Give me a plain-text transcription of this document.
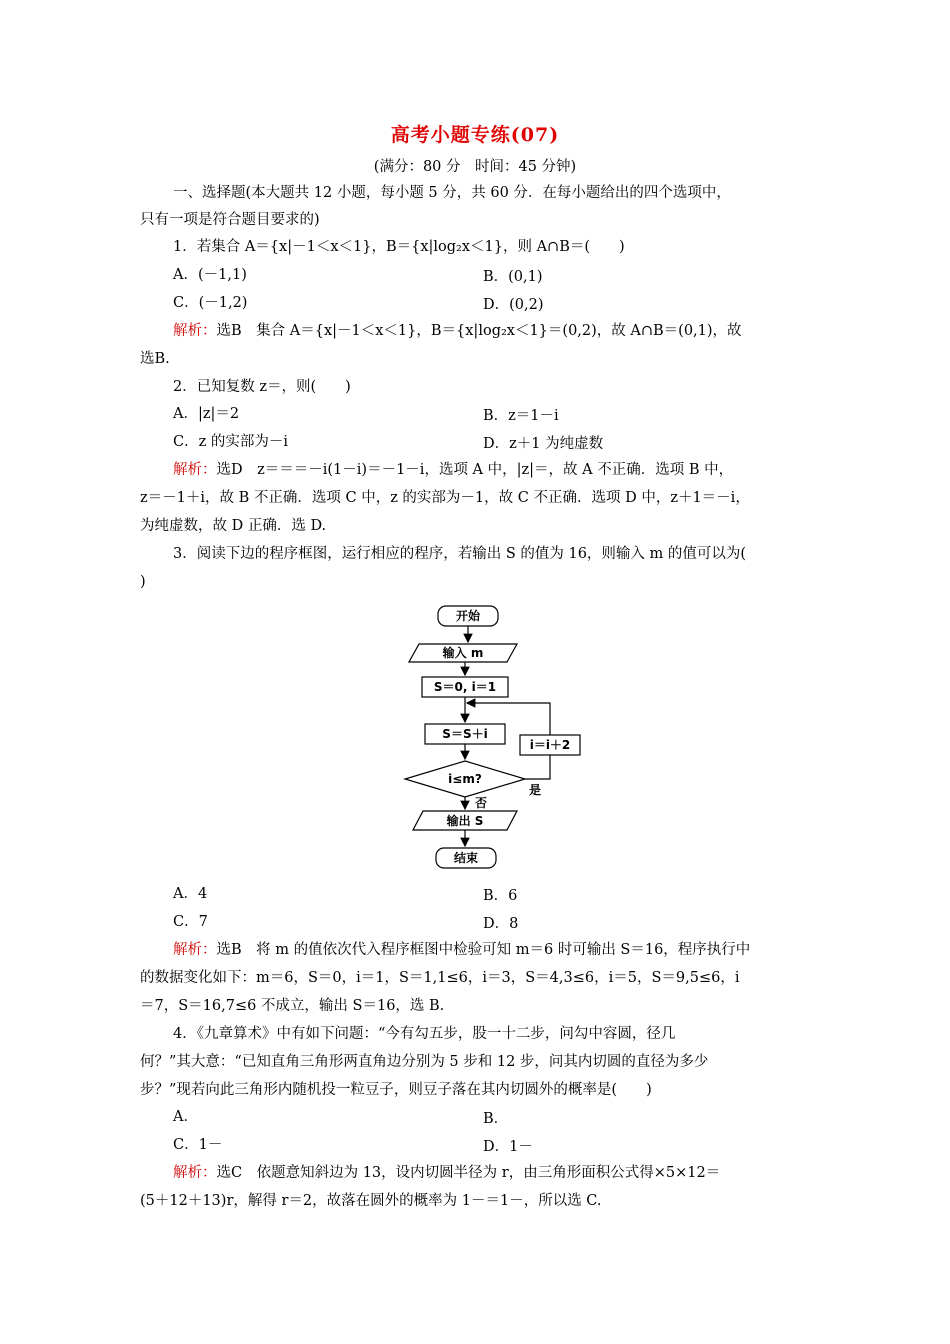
高考小题专练(07)
(满分：80 分　时间：45 分钟)
一、选择题(本大题共 12 小题，每小题 5 分，共 60 分．在每小题给出的四个选项中，
只有一项是符合题目要求的)
1．若集合 A＝{x|－1＜x＜1}，B＝{x|log₂x＜1}，则 A∩B＝(　　)
A．(－1,1)	B．(0,1)
C．(－1,2)	D．(0,2)
解析：选B　集合 A＝{x|－1＜x＜1}，B＝{x|log₂x＜1}＝(0,2)，故 A∩B＝(0,1)，故
选B.
2．已知复数 z＝，则(　　)
A．|z|＝2	B．z＝1－i
C．z 的实部为－i	D．z＋1 为纯虚数
解析：选D　z＝＝＝－i(1－i)＝－1－i，选项 A 中，|z|＝，故 A 不正确．选项 B 中，
z＝－1＋i，故 B 不正确．选项 C 中，z 的实部为－1，故 C 不正确．选项 D 中，z＋1＝－i，
为纯虚数，故 D 正确．选 D.
3．阅读下边的程序框图，运行相应的程序，若输出 S 的值为 16，则输入 m 的值可以为(
)
开始
输入 m
S＝0, i＝1
S＝S＋i
i＝i＋2
i≤m?
是
否
输出 S
结束
A．4	B．6
C．7	D．8
解析：选B　将 m 的值依次代入程序框图中检验可知 m＝6 时可输出 S＝16，程序执行中
的数据变化如下：m＝6，S＝0，i＝1，S＝1,1≤6，i＝3，S＝4,3≤6，i＝5，S＝9,5≤6，i
＝7，S＝16,7≤6 不成立，输出 S＝16，选 B.
4．《九章算术》中有如下问题：“今有勾五步，股一十二步，问勾中容圆，径几
何？”其大意：“已知直角三角形两直角边分别为 5 步和 12 步，问其内切圆的直径为多少
步？”现若向此三角形内随机投一粒豆子，则豆子落在其内切圆外的概率是(　　)
A．	B．
C．1－	D．1－
解析：选C　依题意知斜边为 13，设内切圆半径为 r，由三角形面积公式得×5×12＝
(5＋12＋13)r，解得 r＝2，故落在圆外的概率为 1－＝1－，所以选 C.
